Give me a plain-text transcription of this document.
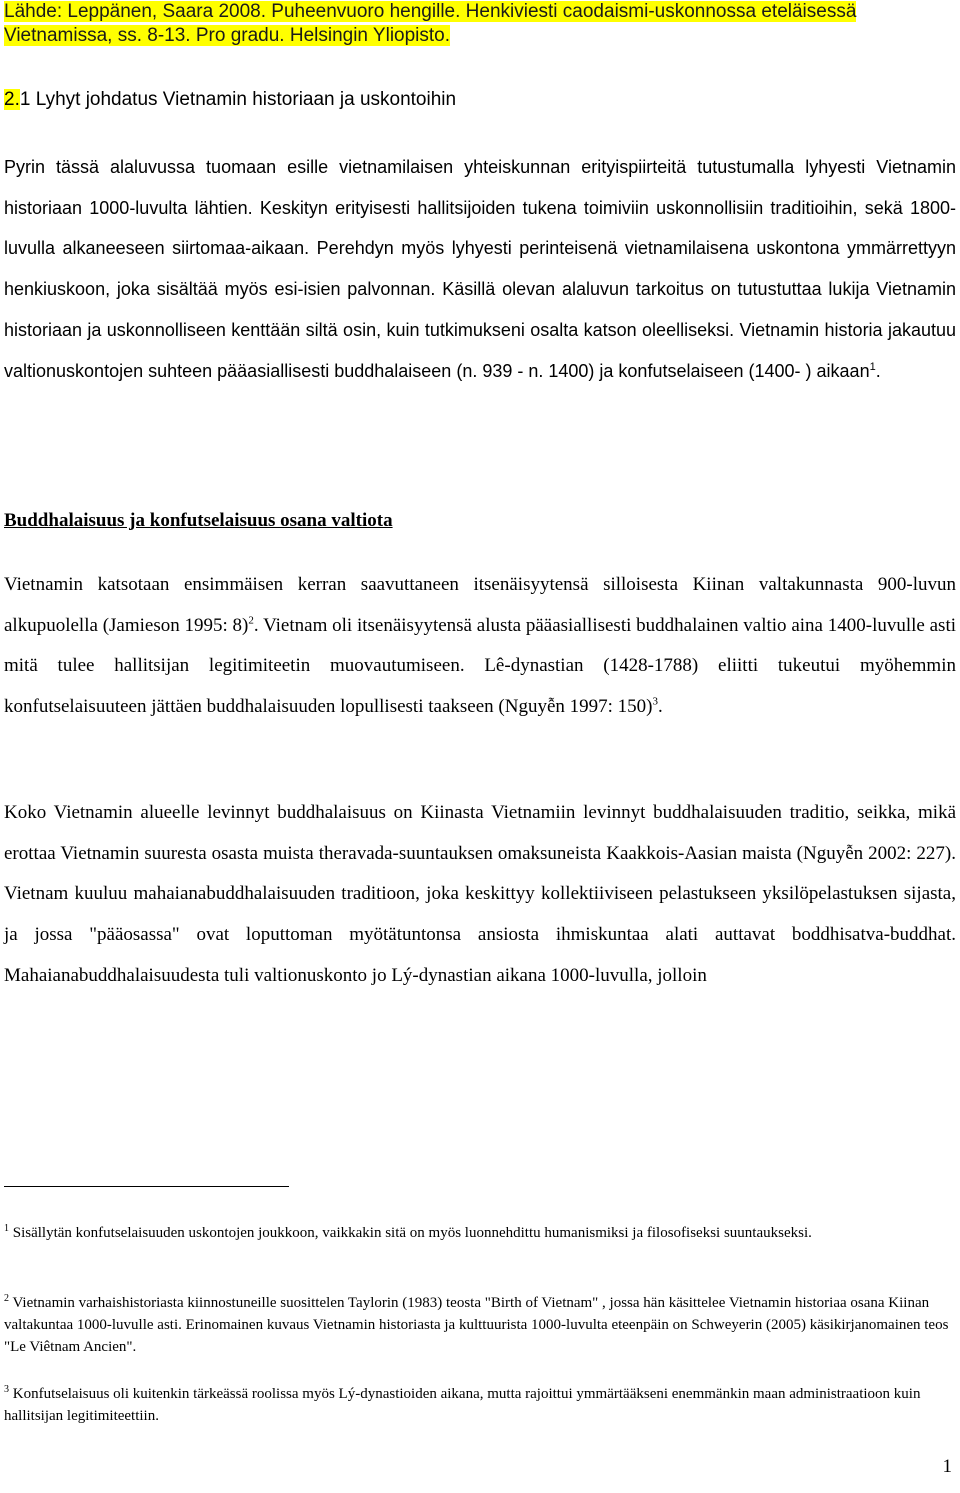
Lähde: Leppänen, Saara 2008. Puheenvuoro hengille. Henkiviesti caodaismi-uskonnossa eteläisessä
Vietnamissa, ss. 8-13. Pro gradu. Helsingin Yliopisto.
2.1 Lyhyt johdatus Vietnamin historiaan ja uskontoihin

Pyrin tässä alaluvussa tuomaan esille vietnamilaisen yhteiskunnan erityispiirteitä tutustumalla lyhyesti Vietnamin historiaan 1000-luvulta lähtien. Keskityn erityisesti hallitsijoiden tukena toimiviin uskonnollisiin traditioihin, sekä 1800-luvulla alkaneeseen siirtomaa-aikaan. Perehdyn myös lyhyesti perinteisenä vietnamilaisena uskontona ymmärrettyyn henkiuskoon, joka sisältää myös esi-isien palvonnan. Käsillä olevan alaluvun tarkoitus on tutustuttaa lukija Vietnamin historiaan ja uskonnolliseen kenttään siltä osin, kuin tutkimukseni osalta katson oleelliseksi. Vietnamin historia jakautuu valtionuskontojen suhteen pääasiallisesti buddhalaiseen (n. 939 - n. 1400) ja konfutselaiseen (1400- ) aikaan$^1$.

Buddhalaisuus ja konfutselaisuus osana valtiota

Vietnamin katsotaan ensimmäisen kerran saavuttaneen itsenäisyytensä silloisesta Kiinan valtakunnasta 900-luvun alkupuolella (Jamieson 1995: 8)$^2$. Vietnam oli itsenäisyytensä alusta pääasiallisesti buddhalainen valtio aina 1400-luvulle asti mitä tulee hallitsijan legitimiteetin muovautumiseen. Lê-dynastian (1428-1788) eliitti tukeutui myöhemmin konfutselaisuuteen jättäen buddhalaisuuden lopullisesti taakseen (Nguyễn 1997: 150)$^3$.

Koko Vietnamin alueelle levinnyt buddhalaisuus on Kiinasta Vietnamiin levinnyt buddhalaisuuden traditio, seikka, mikä erottaa Vietnamin suuresta osasta muista theravada-suuntauksen omaksuneista Kaakkois-Aasian maista (Nguyễn 2002: 227). Vietnam kuuluu mahaianabuddhalaisuuden traditioon, joka keskittyy kollektiiviseen pelastukseen yksilöpelastuksen sijasta, ja jossa "pääosassa" ovat loputtoman myötätuntonsa ansiosta ihmiskuntaa alati auttavat boddhisatva-buddhat. Mahaianabuddhalaisuudesta tuli valtionuskonto jo Lý-dynastian aikana 1000-luvulla, jolloin

$^1$ Sisällytän konfutselaisuuden uskontojen joukkoon, vaikkakin sitä on myös luonnehdittu humanismiksi ja filosofiseksi suuntaukseksi.

$^2$ Vietnamin varhaishistoriasta kiinnostuneille suosittelen Taylorin (1983) teosta "Birth of Vietnam" , jossa hän käsittelee Vietnamin historiaa osana Kiinan valtakuntaa 1000-luvulle asti. Erinomainen kuvaus Vietnamin historiasta ja kulttuurista 1000-luvulta eteenpäin on Schweyerin (2005) käsikirjanomainen teos "Le Viêtnam Ancien".

$^3$ Konfutselaisuus oli kuitenkin tärkeässä roolissa myös Lý-dynastioiden aikana, mutta rajoittui ymmärtääkseni enemmänkin maan administraatioon kuin hallitsijan legitimiteettiin.

1
